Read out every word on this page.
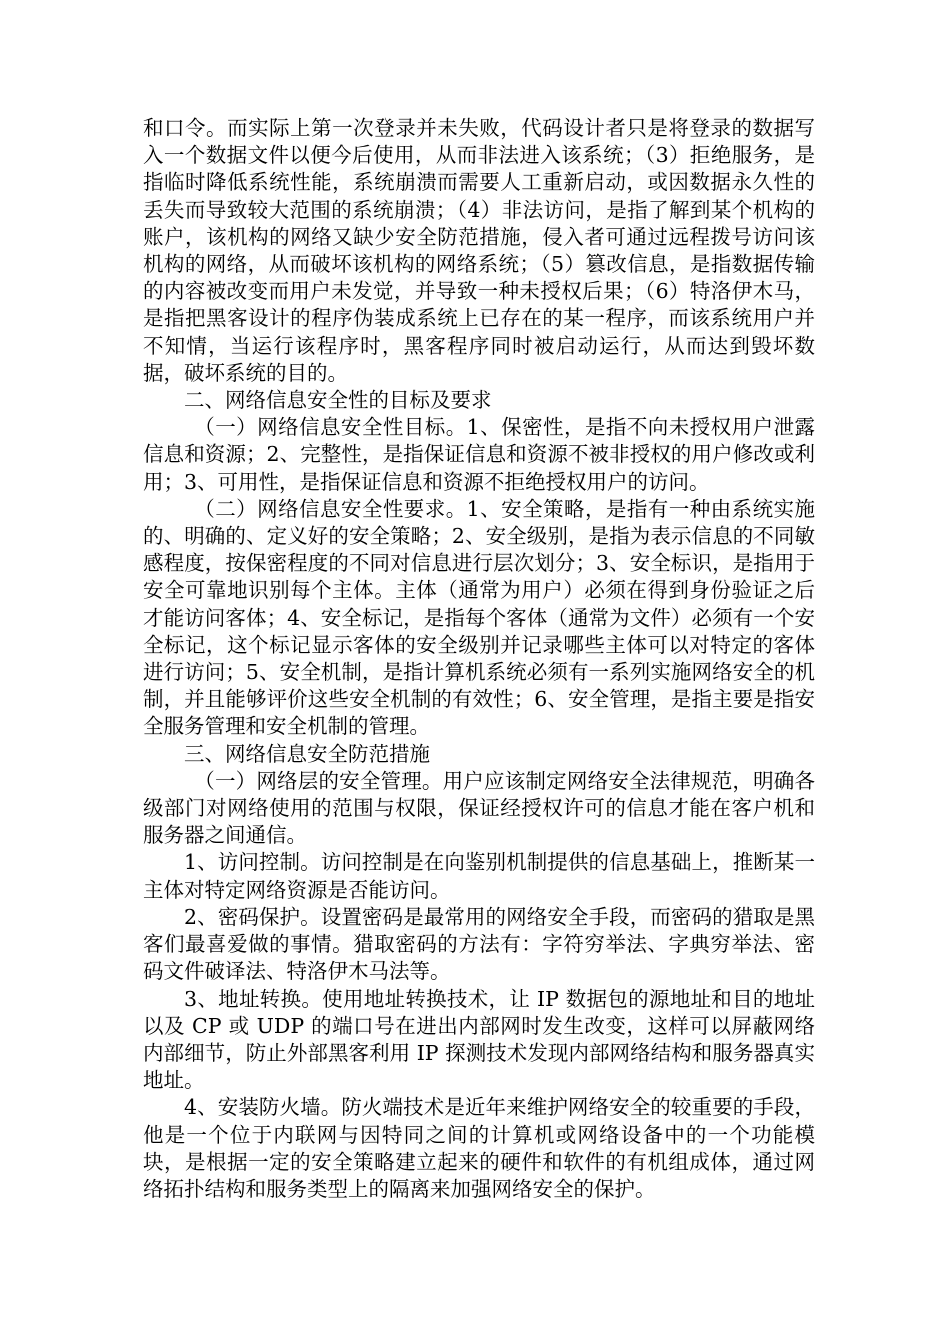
和口令。而实际上第一次登录并未失败，代码设计者只是将登录的数据写入一个数据文件以便今后使用，从而非法进入该系统；（3）拒绝服务，是指临时降低系统性能，系统崩溃而需要人工重新启动，或因数据永久性的丢失而导致较大范围的系统崩溃；（4）非法访问，是指了解到某个机构的账户，该机构的网络又缺少安全防范措施，侵入者可通过远程拨号访问该机构的网络，从而破坏该机构的网络系统；（5）篡改信息，是指数据传输的内容被改变而用户未发觉，并导致一种未授权后果；（6）特洛伊木马，是指把黑客设计的程序伪装成系统上已存在的某一程序，而该系统用户并不知情，当运行该程序时，黑客程序同时被启动运行，从而达到毁坏数据，破坏系统的目的。

二、网络信息安全性的目标及要求

（一）网络信息安全性目标。1、保密性，是指不向未授权用户泄露信息和资源；2、完整性，是指保证信息和资源不被非授权的用户修改或利用；3、可用性，是指保证信息和资源不拒绝授权用户的访问。

（二）网络信息安全性要求。1、安全策略，是指有一种由系统实施的、明确的、定义好的安全策略；2、安全级别，是指为表示信息的不同敏感程度，按保密程度的不同对信息进行层次划分；3、安全标识，是指用于安全可靠地识别每个主体。主体（通常为用户）必须在得到身份验证之后才能访问客体；4、安全标记，是指每个客体（通常为文件）必须有一个安全标记，这个标记显示客体的安全级别并记录哪些主体可以对特定的客体进行访问；5、安全机制，是指计算机系统必须有一系列实施网络安全的机制，并且能够评价这些安全机制的有效性；6、安全管理，是指主要是指安全服务管理和安全机制的管理。

三、网络信息安全防范措施

（一）网络层的安全管理。用户应该制定网络安全法律规范，明确各级部门对网络使用的范围与权限，保证经授权许可的信息才能在客户机和服务器之间通信。

1、访问控制。访问控制是在向鉴别机制提供的信息基础上，推断某一主体对特定网络资源是否能访问。

2、密码保护。设置密码是最常用的网络安全手段，而密码的猎取是黑客们最喜爱做的事情。猎取密码的方法有：字符穷举法、字典穷举法、密码文件破译法、特洛伊木马法等。

3、地址转换。使用地址转换技术，让 IP 数据包的源地址和目的地址以及 CP 或 UDP 的端口号在进出内部网时发生改变，这样可以屏蔽网络内部细节，防止外部黑客利用 IP 探测技术发现内部网络结构和服务器真实地址。

4、安装防火墙。防火端技术是近年来维护网络安全的较重要的手段，他是一个位于内联网与因特同之间的计算机或网络设备中的一个功能模块，是根据一定的安全策略建立起来的硬件和软件的有机组成体，通过网络拓扑结构和服务类型上的隔离来加强网络安全的保护。
